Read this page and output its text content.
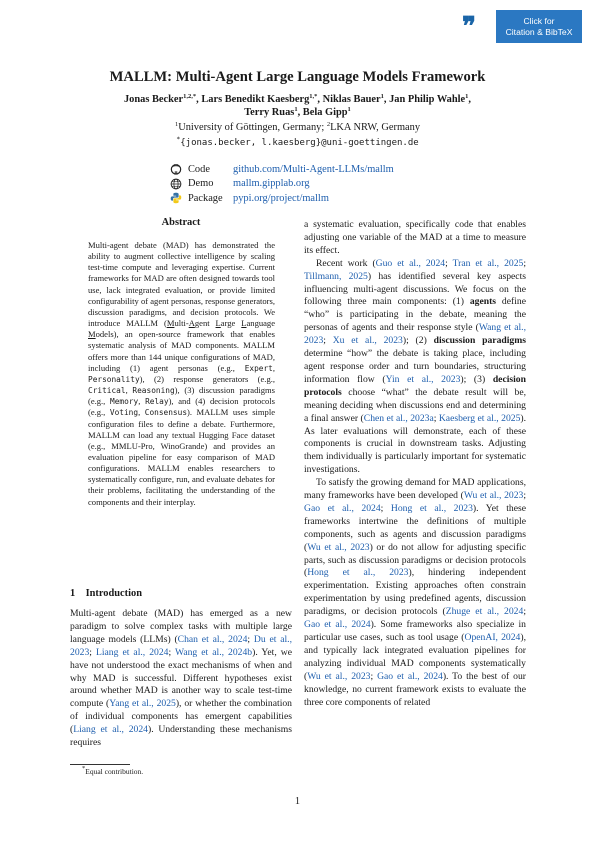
❞	Click for
Citation & BibTeX
MALLM: Multi-Agent Large Language Models Framework
Jonas Becker$^{1,2,*}$, Lars Benedikt Kaesberg$^{1,*}$, Niklas Bauer$^1$, Jan Philip Wahle$^1$,
Terry Ruas$^1$, Bela Gipp$^1$
$^1$University of Göttingen, Germany; $^2$LKA NRW, Germany
*{jonas.becker, l.kaesberg}@uni-goettingen.de
Code	github.com/Multi-Agent-LLMs/mallm
Demo	mallm.gipplab.org
Package pypi.org/project/mallm
Abstract
Multi-agent debate (MAD) has demonstrated the ability to augment collective intelligence by scaling test-time compute and leveraging expertise. Current frameworks for MAD are often designed towards tool use, lack integrated evaluation, or provide limited configurability of agent personas, response generators, discussion paradigms, and decision protocols. We introduce MALLM (Multi-Agent Large Language Models), an open-source framework that enables systematic analysis of MAD components. MALLM offers more than 144 unique configurations of MAD, including (1) agent personas (e.g., Expert, Personality), (2) response generators (e.g., Critical, Reasoning), (3) discussion paradigms (e.g., Memory, Relay), and (4) decision protocols (e.g., Voting, Consensus). MALLM uses simple configuration files to define a debate. Furthermore, MALLM can load any textual Hugging Face dataset (e.g., MMLU-Pro, WinoGrande) and provides an evaluation pipeline for easy comparison of MAD configurations. MALLM enables researchers to systematically configure, run, and evaluate debates for their problems, facilitating the understanding of the components and their interplay.
1 Introduction

Multi-agent debate (MAD) has emerged as a new paradigm to solve complex tasks with multiple large language models (LLMs) (Chan et al., 2024; Du et al., 2023; Liang et al., 2024; Wang et al., 2024b). Yet, we have not understood the exact mechanisms of when and why MAD is successful. Different hypotheses exist around whether MAD is another way to scale test-time compute (Yang et al., 2025), or whether the combination of individual components has emergent capabilities (Liang et al., 2024). Understanding these mechanisms requires

a systematic evaluation, specifically code that enables adjusting one variable of the MAD at a time to measure its effect.

Recent work (Guo et al., 2024; Tran et al., 2025; Tillmann, 2025) has identified several key aspects influencing multi-agent discussions. We focus on the following three main components: (1) agents define “who” is participating in the debate, meaning the personas of agents and their response style (Wang et al., 2023; Xu et al., 2023); (2) discussion paradigms determine “how” the debate is taking place, including agent response order and turn boundaries, structuring information flow (Yin et al., 2023); (3) decision protocols choose “what” the debate result will be, meaning deciding when discussions end and determining a final answer (Chen et al., 2023a; Kaesberg et al., 2025). As later evaluations will demonstrate, each of these components is crucial in downstream tasks. Adjusting them individually is particularly important for systematic investigations.

To satisfy the growing demand for MAD applications, many frameworks have been developed (Wu et al., 2023; Gao et al., 2024; Hong et al., 2023). Yet these frameworks intertwine the definitions of multiple components, such as agents and discussion paradigms (Wu et al., 2023) or do not allow for adjusting specific parts, such as discussion paradigms or decision protocols (Hong et al., 2023), hindering independent experimentation. Existing approaches often constrain experimentation by using predefined agents, discussion paradigms, or decision protocols (Zhuge et al., 2024; Gao et al., 2024). Some frameworks also specialize in particular use cases, such as tool usage (OpenAI, 2024), and typically lack integrated evaluation pipelines for analyzing individual MAD components systematically (Wu et al., 2023; Gao et al., 2024). To the best of our knowledge, no current framework exists to evaluate the three core components of related

*Equal contribution.
1
